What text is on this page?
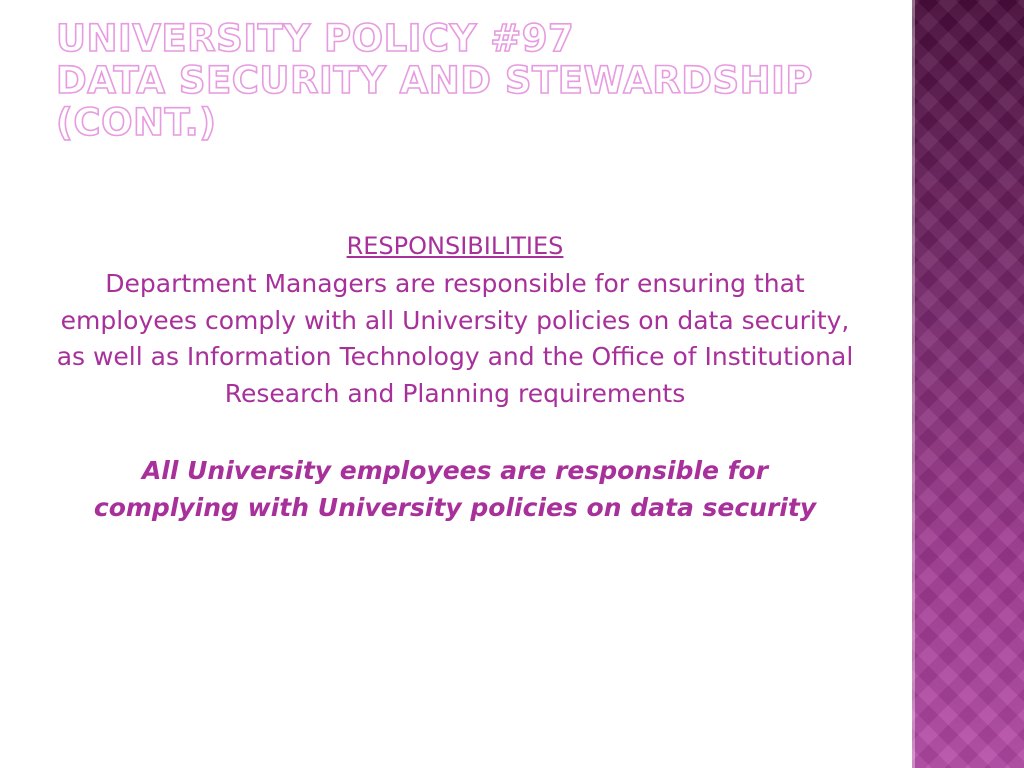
UNIVERSITY POLICY #97
DATA SECURITY AND STEWARDSHIP
(CONT.)
RESPONSIBILITIES

Department Managers are responsible for ensuring that employees comply with all University policies on data security, as well as Information Technology and the Office of Institutional Research and Planning requirements

All University employees are responsible for complying with University policies on data security
